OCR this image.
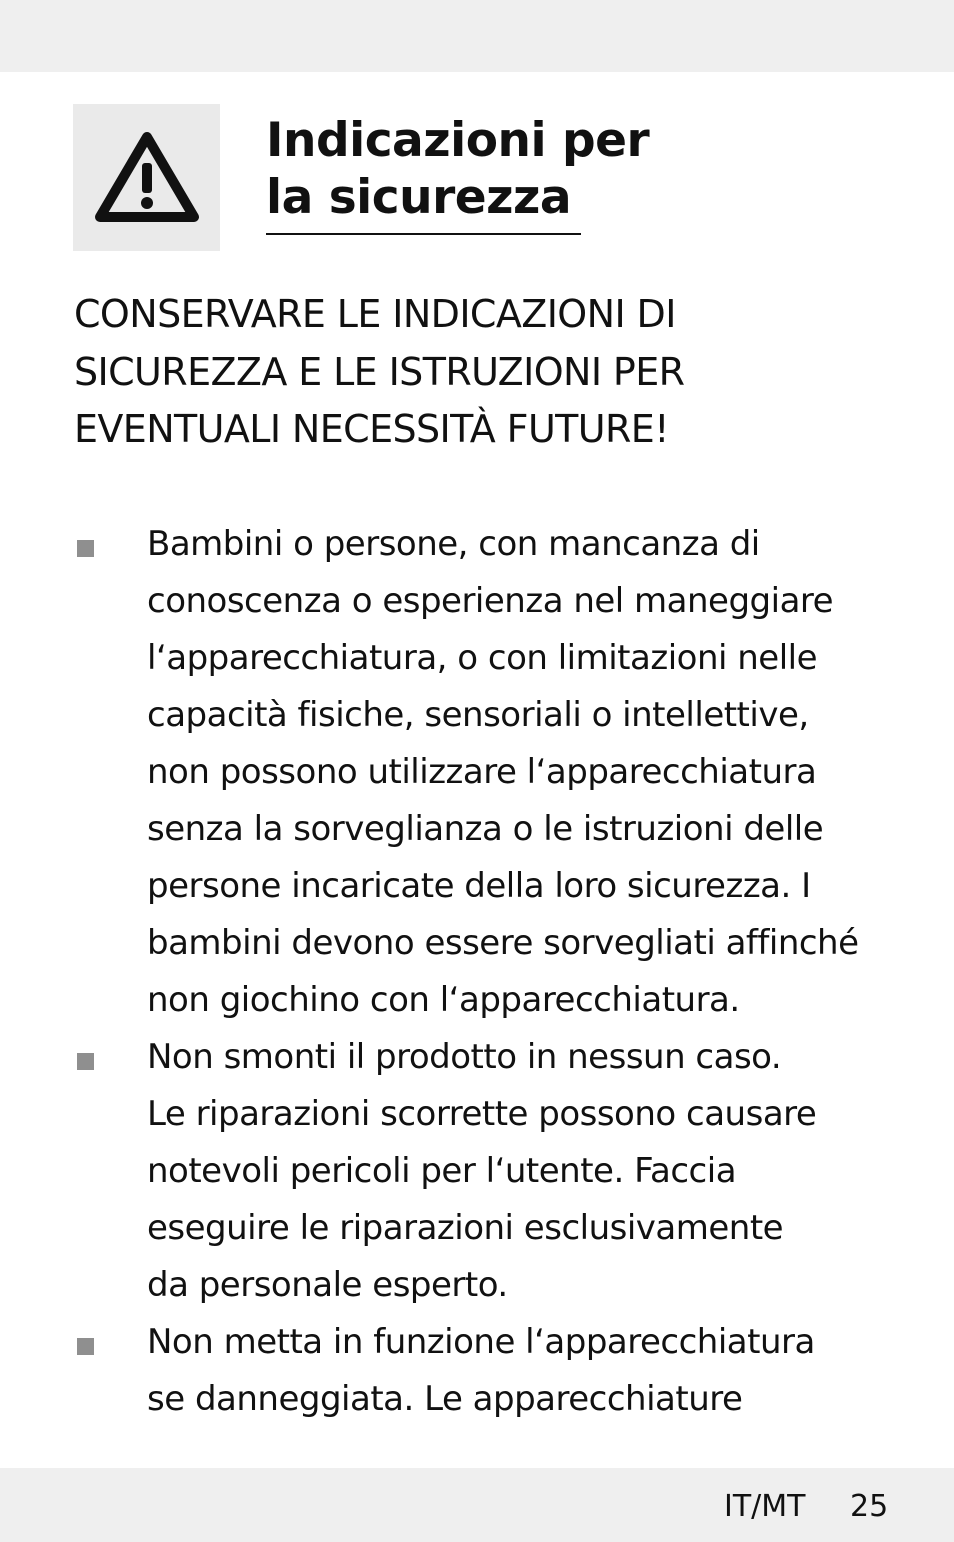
Indicazioni per
la sicurezza

CONSERVARE LE INDICAZIONI DI
SICUREZZA E LE ISTRUZIONI PER
EVENTUALI NECESSITÀ FUTURE!

Bambini o persone, con mancanza di
conoscenza o esperienza nel maneggiare
l‘apparecchiatura, o con limitazioni nelle
capacità fisiche, sensoriali o intellettive,
non possono utilizzare l‘apparecchiatura
senza la sorveglianza o le istruzioni delle
persone incaricate della loro sicurezza. I
bambini devono essere sorvegliati affinché
non giochino con l‘apparecchiatura.
Non smonti il prodotto in nessun caso.
Le riparazioni scorrette possono causare
notevoli pericoli per l‘utente. Faccia
eseguire le riparazioni esclusivamente
da personale esperto.
Non metta in funzione l‘apparecchiatura
se danneggiata. Le apparecchiature
IT/MT 25
